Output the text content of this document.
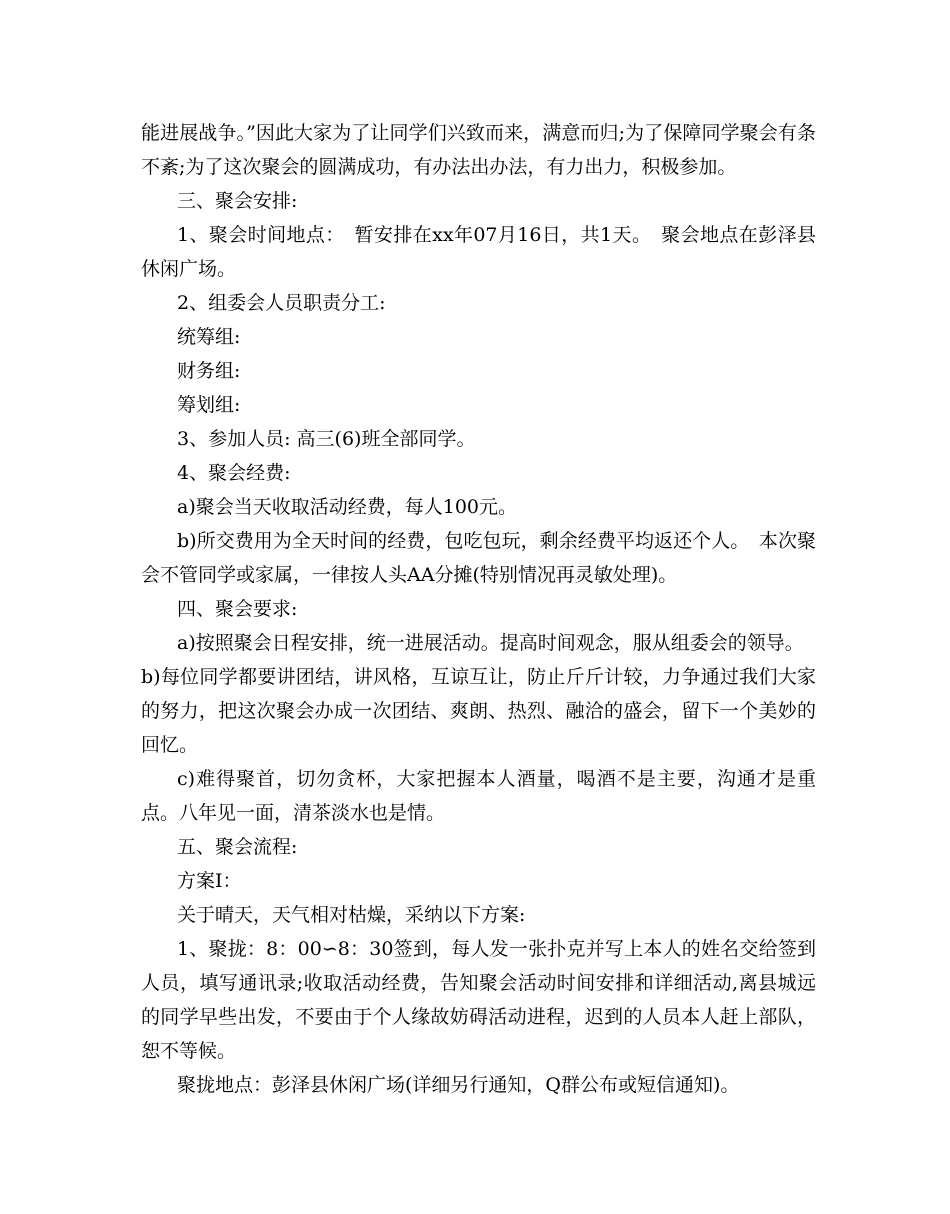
能进展战争。”因此大家为了让同学们兴致而来，满意而归;为了保障同学聚会有条不紊;为了这次聚会的圆满成功，有办法出办法，有力出力，积极参加。

三、聚会安排:

1、聚会时间地点：　暂安排在xx年07月16日，共1天。　聚会地点在彭泽县休闲广场。

2、组委会人员职责分工:

统筹组:

财务组:

筹划组:

3、参加人员: 高三(6)班全部同学。

4、聚会经费:

a)聚会当天收取活动经费，每人100元。

b)所交费用为全天时间的经费，包吃包玩，剩余经费平均返还个人。　本次聚会不管同学或家属，一律按人头AA分摊(特别情况再灵敏处理)。

四、聚会要求:

a)按照聚会日程安排，统一进展活动。提高时间观念，服从组委会的领导。

b)每位同学都要讲团结，讲风格，互谅互让，防止斤斤计较，力争通过我们大家的努力，把这次聚会办成一次团结、爽朗、热烈、融洽的盛会，留下一个美妙的回忆。

c)难得聚首，切勿贪杯，大家把握本人酒量，喝酒不是主要，沟通才是重点。八年见一面，清茶淡水也是情。

五、聚会流程:

方案Ⅰ：

关于晴天，天气相对枯燥，采纳以下方案:

1、聚拢：8：00∽8：30签到，每人发一张扑克并写上本人的姓名交给签到人员，填写通讯录;收取活动经费，告知聚会活动时间安排和详细活动,离县城远的同学早些出发，不要由于个人缘故妨碍活动进程，迟到的人员本人赶上部队，恕不等候。

聚拢地点：彭泽县休闲广场(详细另行通知，Q群公布或短信通知)。
